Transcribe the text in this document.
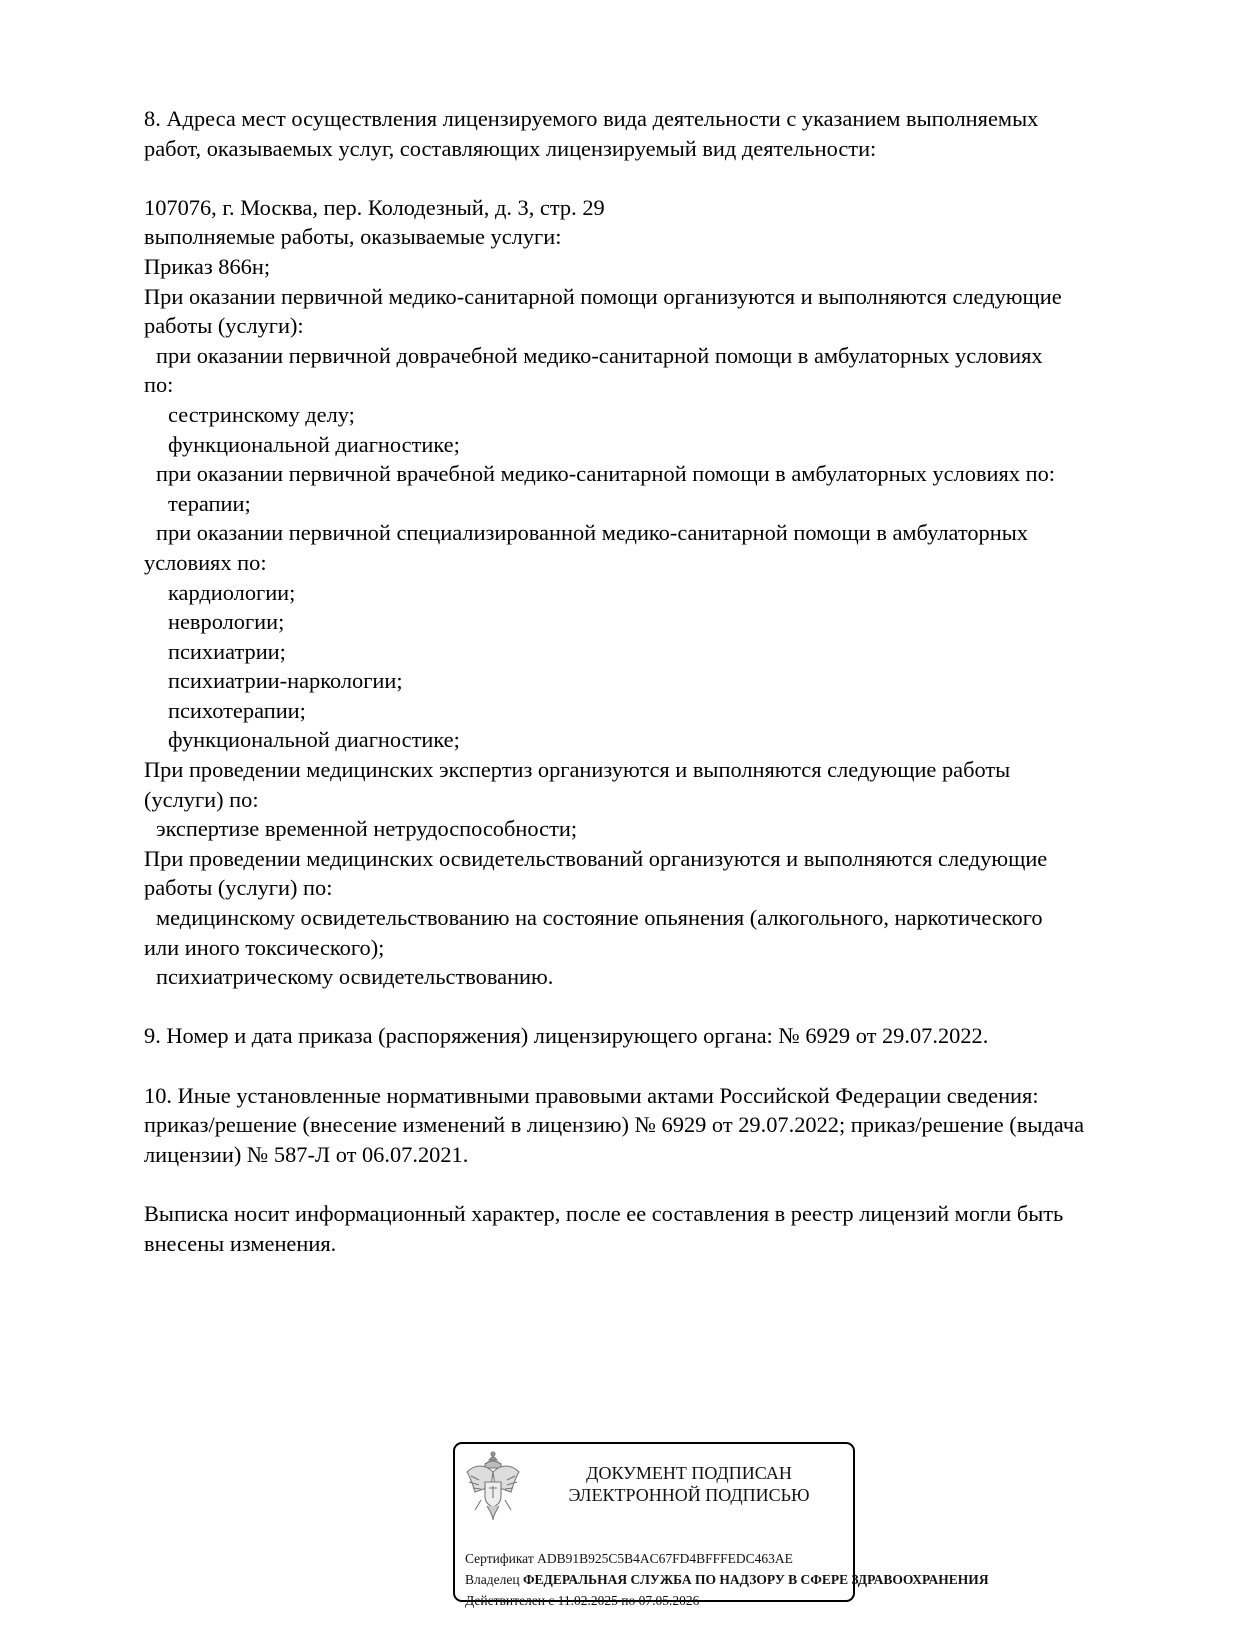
8. Адреса мест осуществления лицензируемого вида деятельности с указанием выполняемых
работ, оказываемых услуг, составляющих лицензируемый вид деятельности:
107076, г. Москва, пер. Колодезный, д. 3, стр. 29
выполняемые работы, оказываемые услуги:
Приказ 866н;
При оказании первичной медико-санитарной помощи организуются и выполняются следующие
работы (услуги):
при оказании первичной доврачебной медико-санитарной помощи в амбулаторных условиях
по:
сестринскому делу;
функциональной диагностике;
при оказании первичной врачебной медико-санитарной помощи в амбулаторных условиях по:
терапии;
при оказании первичной специализированной медико-санитарной помощи в амбулаторных
условиях по:
кардиологии;
неврологии;
психиатрии;
психиатрии-наркологии;
психотерапии;
функциональной диагностике;
При проведении медицинских экспертиз организуются и выполняются следующие работы
(услуги) по:
экспертизе временной нетрудоспособности;
При проведении медицинских освидетельствований организуются и выполняются следующие
работы (услуги) по:
медицинскому освидетельствованию на состояние опьянения (алкогольного, наркотического
или иного токсического);
психиатрическому освидетельствованию.
9. Номер и дата приказа (распоряжения) лицензирующего органа: № 6929 от 29.07.2022.
10. Иные установленные нормативными правовыми актами Российской Федерации сведения:
приказ/решение (внесение изменений в лицензию) № 6929 от 29.07.2022; приказ/решение (выдача
лицензии) № 587-Л от 06.07.2021.
Выписка носит информационный характер, после ее составления в реестр лицензий могли быть
внесены изменения.
ДОКУМЕНТ ПОДПИСАН
ЭЛЕКТРОННОЙ ПОДПИСЬЮ
Сертификат ADB91B925C5B4AC67FD4BFFFEDC463AE
Владелец ФЕДЕРАЛЬНАЯ СЛУЖБА ПО НАДЗОРУ В СФЕРЕ ЗДРАВООХРАНЕНИЯ
Действителен с 11.02.2025 по 07.05.2026
